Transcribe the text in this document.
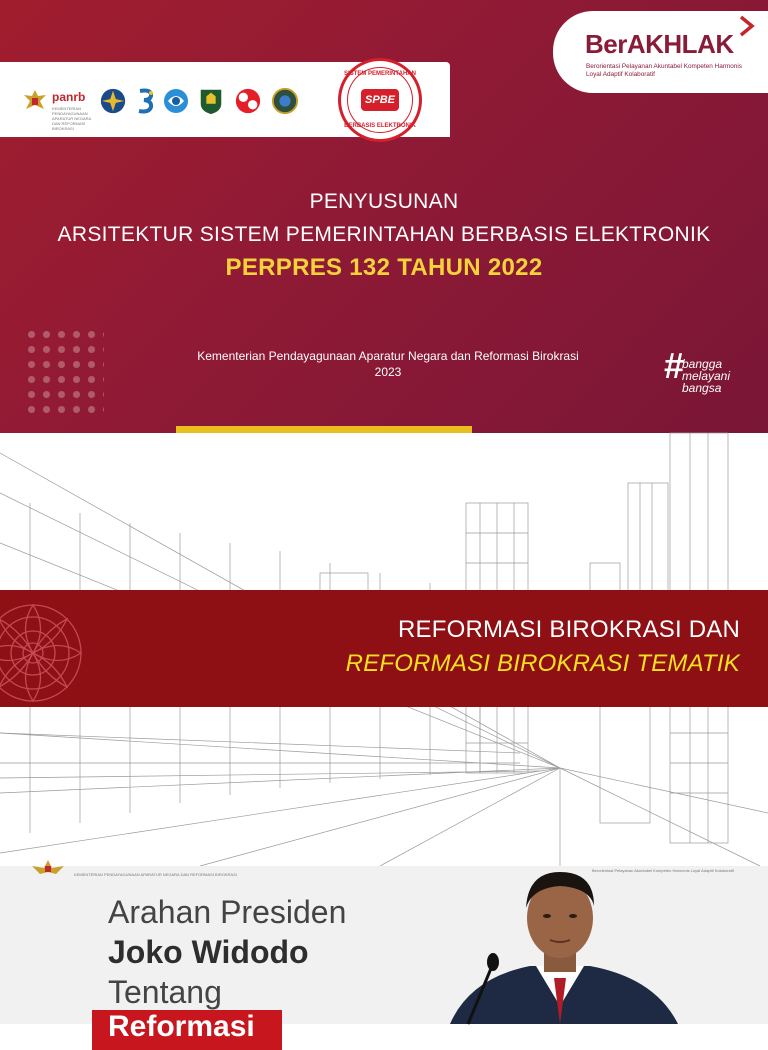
panrb
KEMENTERIAN PENDAYAGUNAAN APARATUR NEGARA DAN REFORMASI BIROKRASI
SISTEM PEMERINTAHAN
SPBE
BERBASIS ELEKTRONIK
BerAKHLAK
Berorientasi Pelayanan Akuntabel Kompeten Harmonis Loyal Adaptif Kolaboratif
PENYUSUNAN
ARSITEKTUR SISTEM PEMERINTAHAN BERBASIS ELEKTRONIK
PERPRES 132 TAHUN 2022
Kementerian Pendayagunaan Aparatur Negara dan Reformasi Birokrasi
2023	#
bangga
melayani
bangsa
REFORMASI BIROKRASI DAN
REFORMASI BIROKRASI TEMATIK
KEMENTERIAN PENDAYAGUNAAN APARATUR NEGARA DAN REFORMASI BIROKRASI
Berorientasi Pelayanan Akuntabel Kompeten Harmonis Loyal Adaptif Kolaboratif
Arahan Presiden
Joko Widodo
Tentang
Reformasi
